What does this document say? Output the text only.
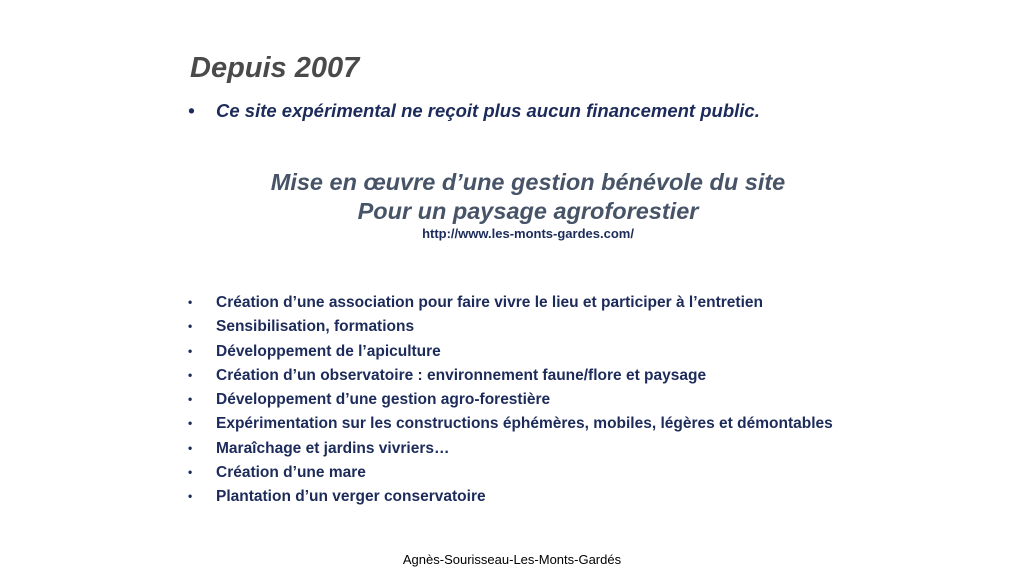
Depuis 2007
• Ce site expérimental ne reçoit plus aucun financement public.

Mise en œuvre d’une gestion bénévole du site

Pour un paysage agroforestier

http://www.les-monts-gardes.com/

• Création d’une association pour faire vivre le lieu et participer à l’entretien
• Sensibilisation, formations
• Développement de l’apiculture
• Création d’un observatoire : environnement faune/flore et paysage
• Développement d’une gestion agro-forestière
• Expérimentation sur les constructions éphémères, mobiles, légères et démontables
• Maraîchage et jardins vivriers…
• Création d’une mare
• Plantation d’un verger conservatoire

Agnès-Sourisseau-Les-Monts-Gardés
